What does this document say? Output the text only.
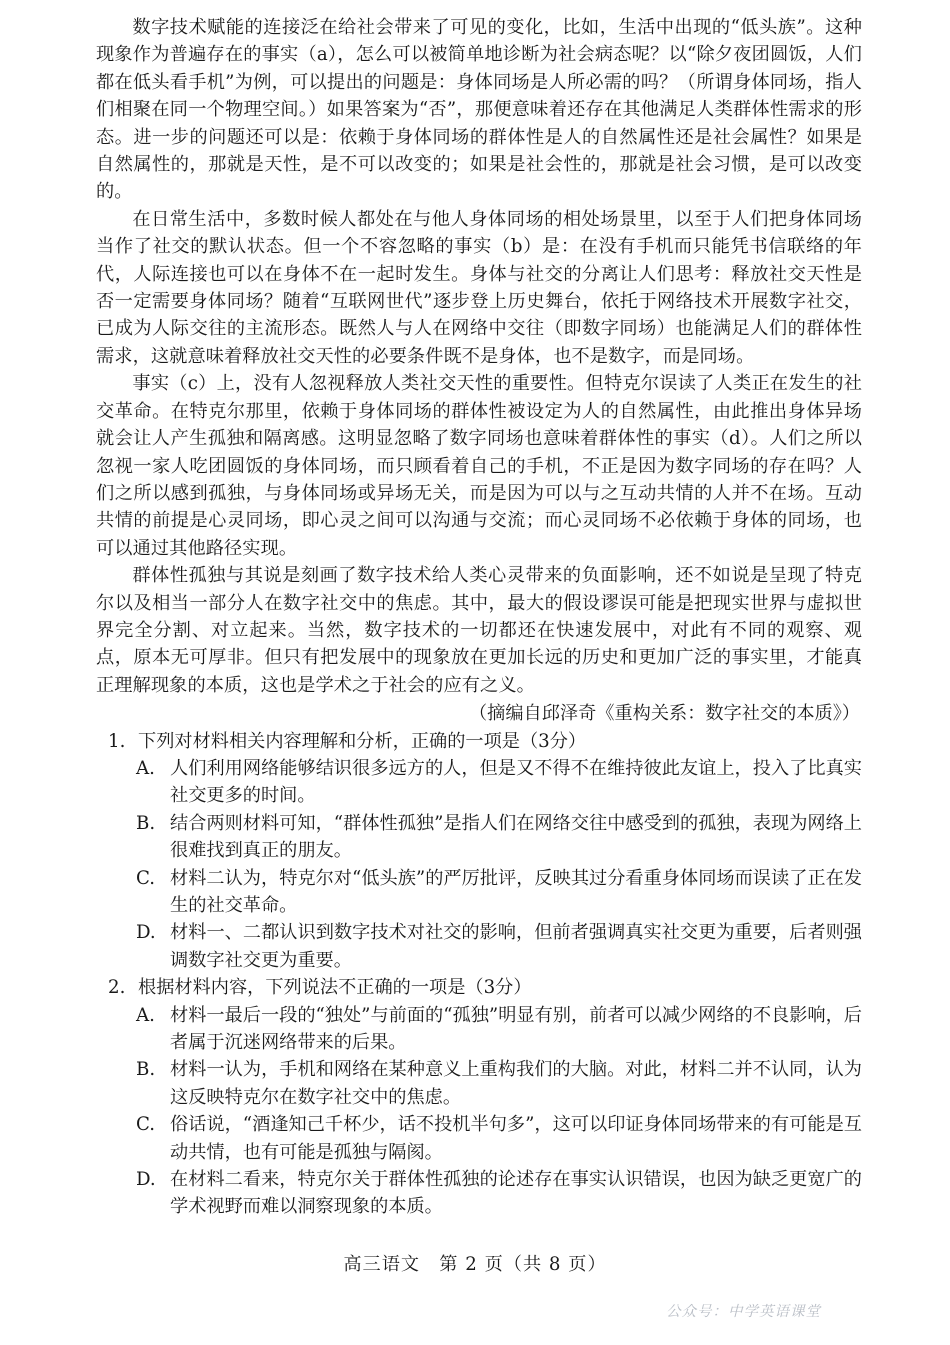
数字技术赋能的连接泛在给社会带来了可见的变化，比如，生活中出现的“低头族”。这种现象作为普遍存在的事实（a），怎么可以被简单地诊断为社会病态呢？以“除夕夜团圆饭，人们都在低头看手机”为例，可以提出的问题是：身体同场是人所必需的吗？（所谓身体同场，指人们相聚在同一个物理空间。）如果答案为“否”，那便意味着还存在其他满足人类群体性需求的形态。进一步的问题还可以是：依赖于身体同场的群体性是人的自然属性还是社会属性？如果是自然属性的，那就是天性，是不可以改变的；如果是社会性的，那就是社会习惯，是可以改变的。

在日常生活中，多数时候人都处在与他人身体同场的相处场景里，以至于人们把身体同场当作了社交的默认状态。但一个不容忽略的事实（b）是：在没有手机而只能凭书信联络的年代，人际连接也可以在身体不在一起时发生。身体与社交的分离让人们思考：释放社交天性是否一定需要身体同场？随着“互联网世代”逐步登上历史舞台，依托于网络技术开展数字社交，已成为人际交往的主流形态。既然人与人在网络中交往（即数字同场）也能满足人们的群体性需求，这就意味着释放社交天性的必要条件既不是身体，也不是数字，而是同场。

事实（c）上，没有人忽视释放人类社交天性的重要性。但特克尔误读了人类正在发生的社交革命。在特克尔那里，依赖于身体同场的群体性被设定为人的自然属性，由此推出身体异场就会让人产生孤独和隔离感。这明显忽略了数字同场也意味着群体性的事实（d）。人们之所以忽视一家人吃团圆饭的身体同场，而只顾看着自己的手机，不正是因为数字同场的存在吗？人们之所以感到孤独，与身体同场或异场无关，而是因为可以与之互动共情的人并不在场。互动共情的前提是心灵同场，即心灵之间可以沟通与交流；而心灵同场不必依赖于身体的同场，也可以通过其他路径实现。

群体性孤独与其说是刻画了数字技术给人类心灵带来的负面影响，还不如说是呈现了特克尔以及相当一部分人在数字社交中的焦虑。其中，最大的假设谬误可能是把现实世界与虚拟世界完全分割、对立起来。当然，数字技术的一切都还在快速发展中，对此有不同的观察、观点，原本无可厚非。但只有把发展中的现象放在更加长远的历史和更加广泛的事实里，才能真正理解现象的本质，这也是学术之于社会的应有之义。

（摘编自邱泽奇《重构关系：数字社交的本质》）

1. 下列对材料相关内容理解和分析，正确的一项是（3分）

A. 人们利用网络能够结识很多远方的人，但是又不得不在维持彼此友谊上，投入了比真实社交更多的时间。

B. 结合两则材料可知，“群体性孤独”是指人们在网络交往中感受到的孤独，表现为网络上很难找到真正的朋友。

C. 材料二认为，特克尔对“低头族”的严厉批评，反映其过分看重身体同场而误读了正在发生的社交革命。

D. 材料一、二都认识到数字技术对社交的影响，但前者强调真实社交更为重要，后者则强调数字社交更为重要。

2. 根据材料内容，下列说法不正确的一项是（3分）

A. 材料一最后一段的“独处”与前面的“孤独”明显有别，前者可以减少网络的不良影响，后者属于沉迷网络带来的后果。

B. 材料一认为，手机和网络在某种意义上重构我们的大脑。对此，材料二并不认同，认为这反映特克尔在数字社交中的焦虑。

C. 俗话说，“酒逢知己千杯少，话不投机半句多”，这可以印证身体同场带来的有可能是互动共情，也有可能是孤独与隔阂。

D. 在材料二看来，特克尔关于群体性孤独的论述存在事实认识错误，也因为缺乏更宽广的学术视野而难以洞察现象的本质。

高三语文　第 2 页（共 8 页）
公众号：中学英语课堂
